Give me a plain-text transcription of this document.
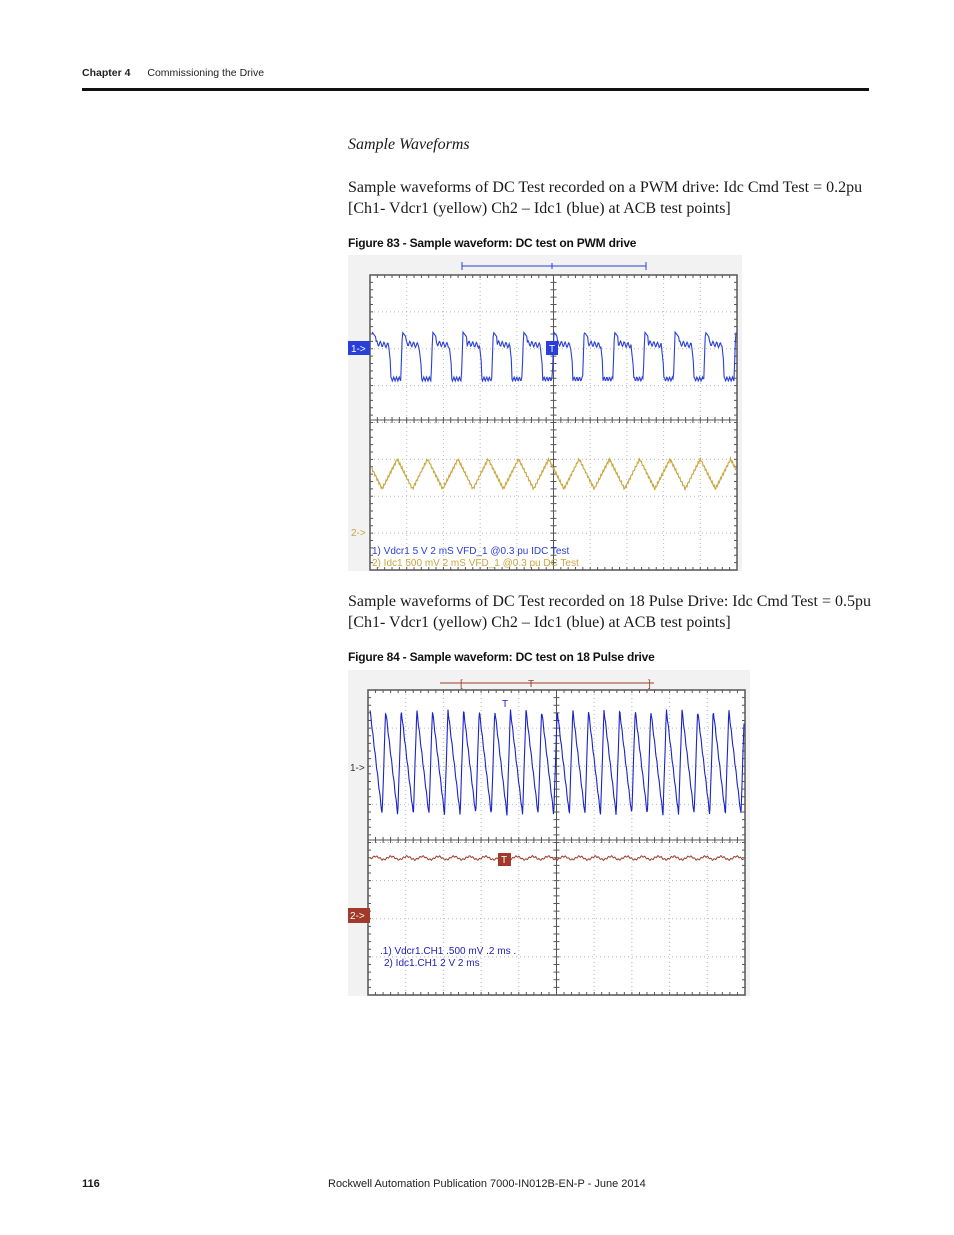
Chapter 4 Commissioning the Drive
Sample Waveforms
Sample waveforms of DC Test recorded on a PWM drive: Idc Cmd Test = 0.2pu [Ch1- Vdcr1 (yellow) Ch2 – Idc1 (blue) at ACB test points]
Figure 83 - Sample waveform: DC test on PWM drive
1->	T
2->
1) Vdcr1 5 V 2 mS VFD_1 @0.3 pu IDC Test
2) Idc1 500 mV 2 mS VFD_1 @0.3 pu DC Test
Sample waveforms of DC Test recorded on 18 Pulse Drive: Idc Cmd Test = 0.5pu [Ch1- Vdcr1 (yellow) Ch2 – Idc1 (blue) at ACB test points]
Figure 84 - Sample waveform: DC test on 18 Pulse drive
[	T	]
T
1->
T
2->
.1) Vdcr1.CH1 .500 mV .2 ms .
2) Idc1.CH1 2 V 2 ms
116	Rockwell Automation Publication 7000-IN012B-EN-P - June 2014
